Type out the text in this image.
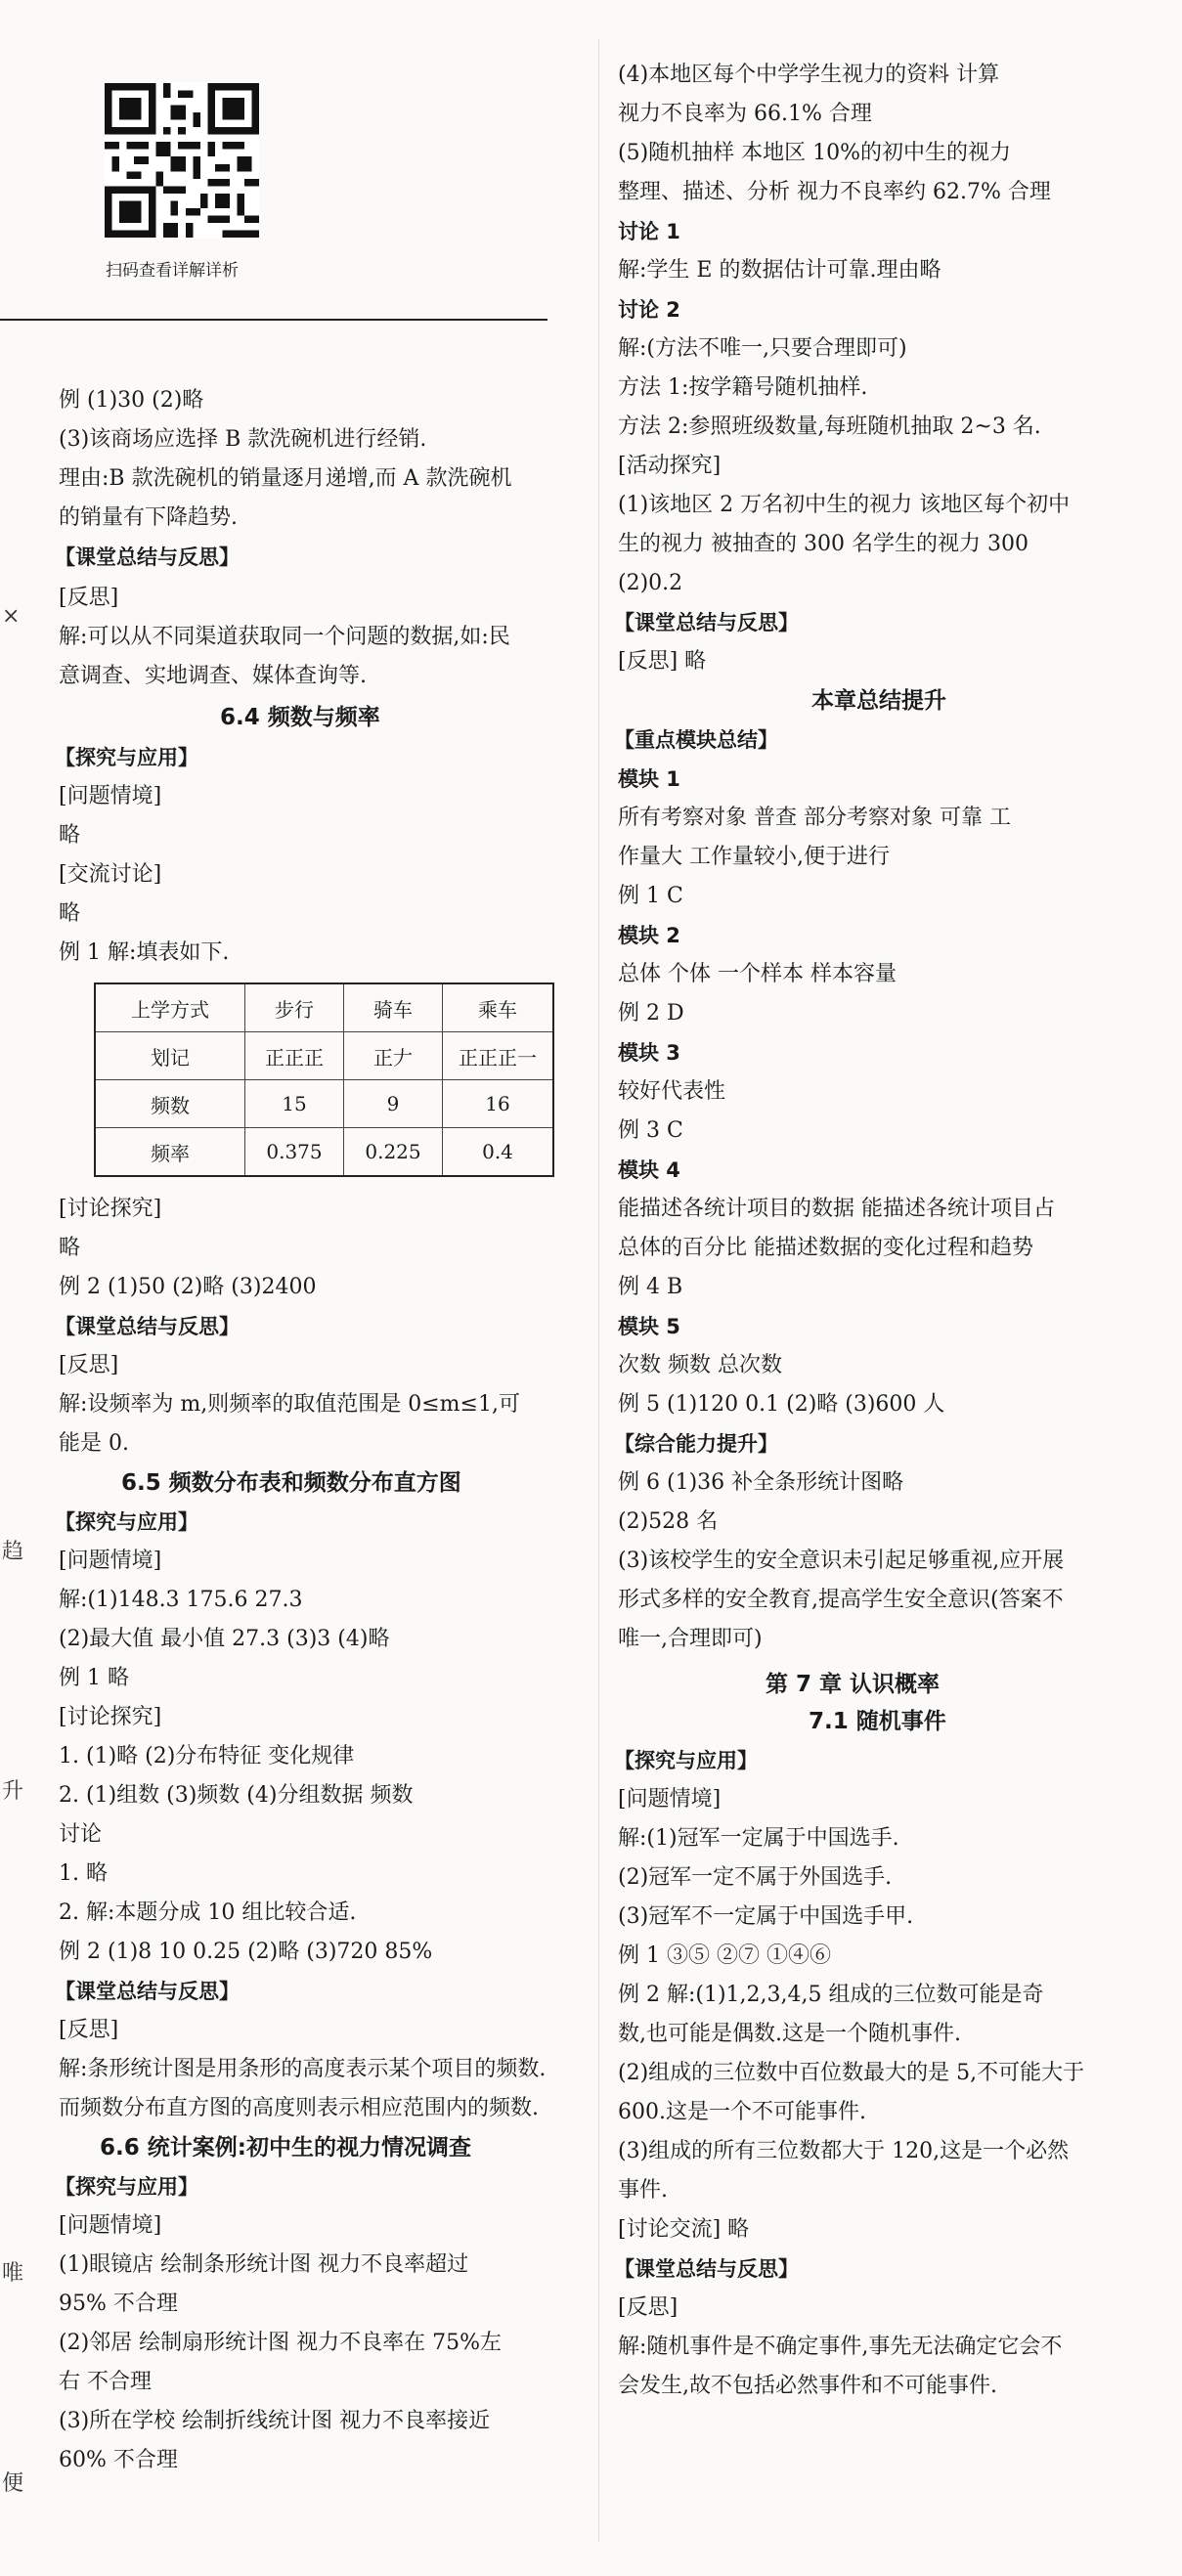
扫码查看详解详析
×
趋
升
唯
便
例 (1)30 (2)略
(3)该商场应选择 B 款洗碗机进行经销.
理由:B 款洗碗机的销量逐月递增,而 A 款洗碗机
的销量有下降趋势.
【课堂总结与反思】
[反思]
解:可以从不同渠道获取同一个问题的数据,如:民
意调查、实地调查、媒体查询等.
6.4 频数与频率
【探究与应用】
[问题情境]
略
[交流讨论]
略
例 1 解:填表如下.
上学方式	步行	骑车	乘车
划记	正正正	正𠂇	正正正一
频数	15	9	16
频率	0.375	0.225	0.4
[讨论探究]
略
例 2 (1)50 (2)略 (3)2400
【课堂总结与反思】
[反思]
解:设频率为 m,则频率的取值范围是 0≤m≤1,可
能是 0.
6.5 频数分布表和频数分布直方图
【探究与应用】
[问题情境]
解:(1)148.3 175.6 27.3
(2)最大值 最小值 27.3 (3)3 (4)略
例 1 略
[讨论探究]
1. (1)略 (2)分布特征 变化规律
2. (1)组数 (3)频数 (4)分组数据 频数
讨论
1. 略
2. 解:本题分成 10 组比较合适.
例 2 (1)8 10 0.25 (2)略 (3)720 85%
【课堂总结与反思】
[反思]
解:条形统计图是用条形的高度表示某个项目的频数.
而频数分布直方图的高度则表示相应范围内的频数.
6.6 统计案例:初中生的视力情况调查
【探究与应用】
[问题情境]
(1)眼镜店 绘制条形统计图 视力不良率超过
95% 不合理
(2)邻居 绘制扇形统计图 视力不良率在 75%左
右 不合理
(3)所在学校 绘制折线统计图 视力不良率接近
60% 不合理
(4)本地区每个中学学生视力的资料 计算
视力不良率为 66.1% 合理
(5)随机抽样 本地区 10%的初中生的视力
整理、描述、分析 视力不良率约 62.7% 合理
讨论 1
解:学生 E 的数据估计可靠.理由略
讨论 2
解:(方法不唯一,只要合理即可)
方法 1:按学籍号随机抽样.
方法 2:参照班级数量,每班随机抽取 2~3 名.
[活动探究]
(1)该地区 2 万名初中生的视力 该地区每个初中
生的视力 被抽查的 300 名学生的视力 300
(2)0.2
【课堂总结与反思】
[反思] 略
本章总结提升
【重点模块总结】
模块 1
所有考察对象 普查 部分考察对象 可靠 工
作量大 工作量较小,便于进行
例 1 C
模块 2
总体 个体 一个样本 样本容量
例 2 D
模块 3
较好代表性
例 3 C
模块 4
能描述各统计项目的数据 能描述各统计项目占
总体的百分比 能描述数据的变化过程和趋势
例 4 B
模块 5
次数 频数 总次数
例 5 (1)120 0.1 (2)略 (3)600 人
【综合能力提升】
例 6 (1)36 补全条形统计图略
(2)528 名
(3)该校学生的安全意识未引起足够重视,应开展
形式多样的安全教育,提高学生安全意识(答案不
唯一,合理即可)
第 7 章 认识概率
7.1 随机事件
【探究与应用】
[问题情境]
解:(1)冠军一定属于中国选手.
(2)冠军一定不属于外国选手.
(3)冠军不一定属于中国选手甲.
例 1 ③⑤ ②⑦ ①④⑥
例 2 解:(1)1,2,3,4,5 组成的三位数可能是奇
数,也可能是偶数.这是一个随机事件.
(2)组成的三位数中百位数最大的是 5,不可能大于
600.这是一个不可能事件.
(3)组成的所有三位数都大于 120,这是一个必然
事件.
[讨论交流] 略
【课堂总结与反思】
[反思]
解:随机事件是不确定事件,事先无法确定它会不
会发生,故不包括必然事件和不可能事件.
